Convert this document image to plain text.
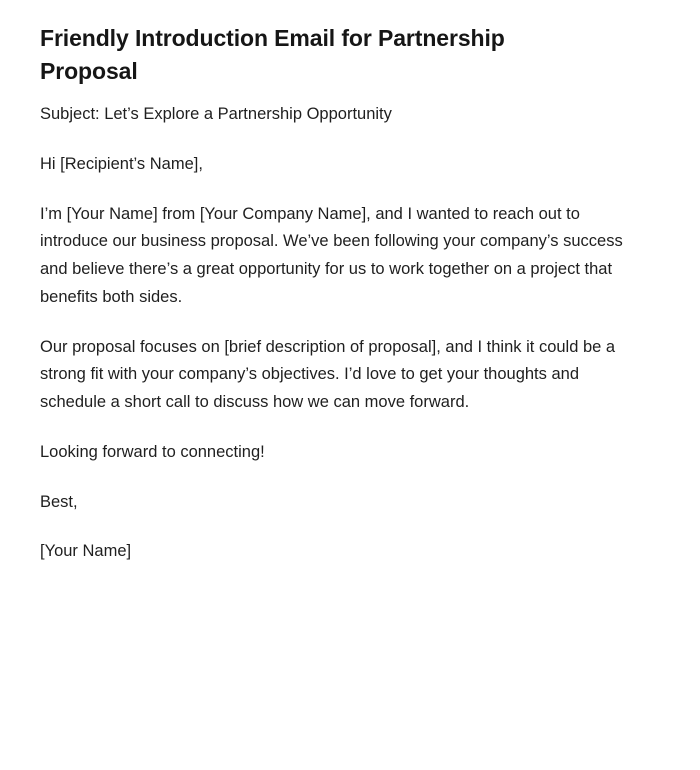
Friendly Introduction Email for Partnership Proposal

Subject: Let’s Explore a Partnership Opportunity

Hi [Recipient’s Name],

I’m [Your Name] from [Your Company Name], and I wanted to reach out to introduce our business proposal. We’ve been following your company’s success and believe there’s a great opportunity for us to work together on a project that benefits both sides.

Our proposal focuses on [brief description of proposal], and I think it could be a strong fit with your company’s objectives. I’d love to get your thoughts and schedule a short call to discuss how we can move forward.

Looking forward to connecting!

Best,

[Your Name]
